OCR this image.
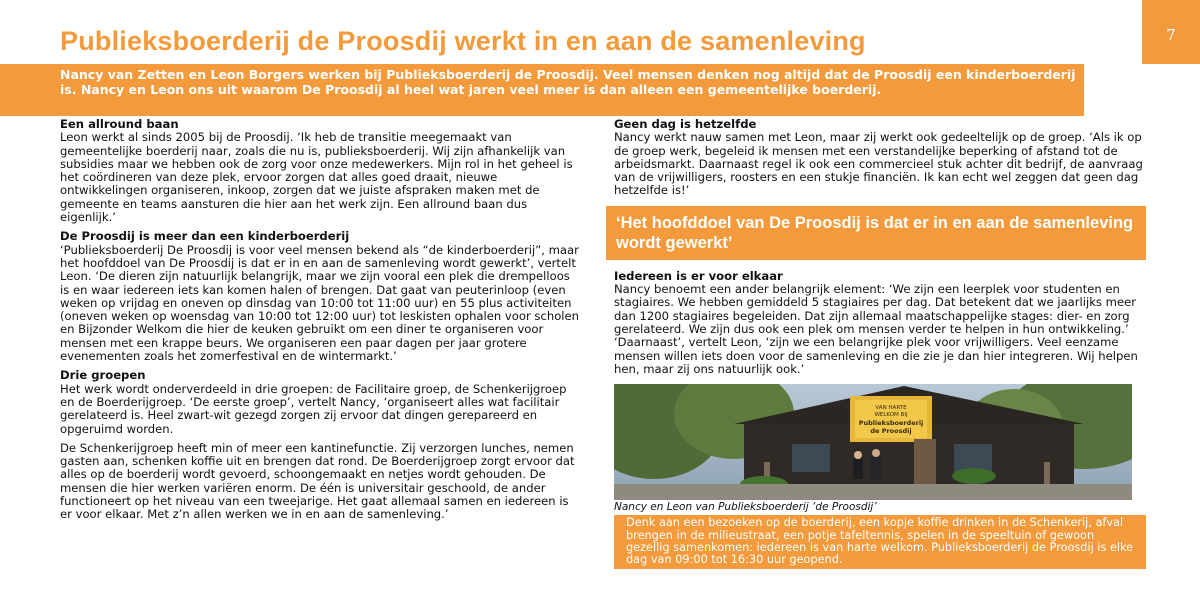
Publieksboerderij de Proosdij werkt in en aan de samenleving	7

Nancy van Zetten en Leon Borgers werken bij Publieksboerderij de Proosdij. Veel mensen denken nog altijd dat de Proosdij een kinderboerderij is. Nancy en Leon ons uit waarom De Proosdij al heel wat jaren veel meer is dan alleen een gemeentelijke boerderij.

Een allround baan

Leon werkt al sinds 2005 bij de Proosdij. ‘Ik heb de transitie meegemaakt van gemeentelijke boerderij naar, zoals die nu is, publieksboerderij. Wij zijn afhankelijk van subsidies maar we hebben ook de zorg voor onze medewerkers. Mijn rol in het geheel is het coördineren van deze plek, ervoor zorgen dat alles goed draait, nieuwe ontwikkelingen organiseren, inkoop, zorgen dat we juiste afspraken maken met de gemeente en teams aansturen die hier aan het werk zijn. Een allround baan dus eigenlijk.’

De Proosdij is meer dan een kinderboerderij

‘Publieksboerderij De Proosdij is voor veel mensen bekend als “de kinderboerderij”, maar het hoofddoel van De Proosdij is dat er in en aan de samenleving wordt gewerkt’, vertelt Leon. ‘De dieren zijn natuurlijk belangrijk, maar we zijn vooral een plek die drempelloos is en waar iedereen iets kan komen halen of brengen. Dat gaat van peuterinloop (even weken op vrijdag en oneven op dinsdag van 10:00 tot 11:00 uur) en 55 plus activiteiten (oneven weken op woensdag van 10:00 tot 12:00 uur) tot leskisten ophalen voor scholen en Bijzonder Welkom die hier de keuken gebruikt om een diner te organiseren voor mensen met een krappe beurs. We organiseren een paar dagen per jaar grotere evenementen zoals het zomerfestival en de wintermarkt.’

Drie groepen

Het werk wordt onderverdeeld in drie groepen: de Facilitaire groep, de Schenkerijgroep en de Boerderijgroep. ‘De eerste groep’, vertelt Nancy, ‘organiseert alles wat facilitair gerelateerd is. Heel zwart-wit gezegd zorgen zij ervoor dat dingen gerepareerd en opgeruimd worden.

De Schenkerijgroep heeft min of meer een kantinefunctie. Zij verzorgen lunches, nemen gasten aan, schenken koffie uit en brengen dat rond. De Boerderijgroep zorgt ervoor dat alles op de boerderij wordt gevoerd, schoongemaakt en netjes wordt gehouden. De mensen die hier werken variëren enorm. De één is universitair geschoold, de ander functioneert op het niveau van een tweejarige. Het gaat allemaal samen en iedereen is er voor elkaar. Met z’n allen werken we in en aan de samenleving.’

Geen dag is hetzelfde

Nancy werkt nauw samen met Leon, maar zij werkt ook gedeeltelijk op de groep. ‘Als ik op de groep werk, begeleid ik mensen met een verstandelijke beperking of afstand tot de arbeidsmarkt. Daarnaast regel ik ook een commercieel stuk achter dit bedrijf, de aanvraag van de vrijwilligers, roosters en een stukje financiën. Ik kan echt wel zeggen dat geen dag hetzelfde is!’

‘Het hoofddoel van De Proosdij is dat er in en aan de samenleving wordt gewerkt’
Iedereen is er voor elkaar

Nancy benoemt een ander belangrijk element: ‘We zijn een leerplek voor studenten en stagiaires. We hebben gemiddeld 5 stagiaires per dag. Dat betekent dat we jaarlijks meer dan 1200 stagiaires begeleiden. Dat zijn allemaal maatschappelijke stages: dier- en zorg gerelateerd. We zijn dus ook een plek om mensen verder te helpen in hun ontwikkeling.’ ‘Daarnaast’, vertelt Leon, ‘zijn we een belangrijke plek voor vrijwilligers. Veel eenzame mensen willen iets doen voor de samenleving en die zie je dan hier integreren. Wij helpen hen, maar zij ons natuurlijk ook.’

VAN HARTE
WELKOM BIJ
Publieksboerderij
de Proosdij
Nancy en Leon van Publieksboerderij ‘de Proosdij’
Denk aan een bezoeken op de boerderij, een kopje koffie drinken in de Schenkerij, afval brengen in de milieustraat, een potje tafeltennis, spelen in de speeltuin of gewoon gezellig samenkomen: iedereen is van harte welkom. Publieksboerderij de Proosdij is elke dag van 09:00 tot 16:30 uur geopend.
